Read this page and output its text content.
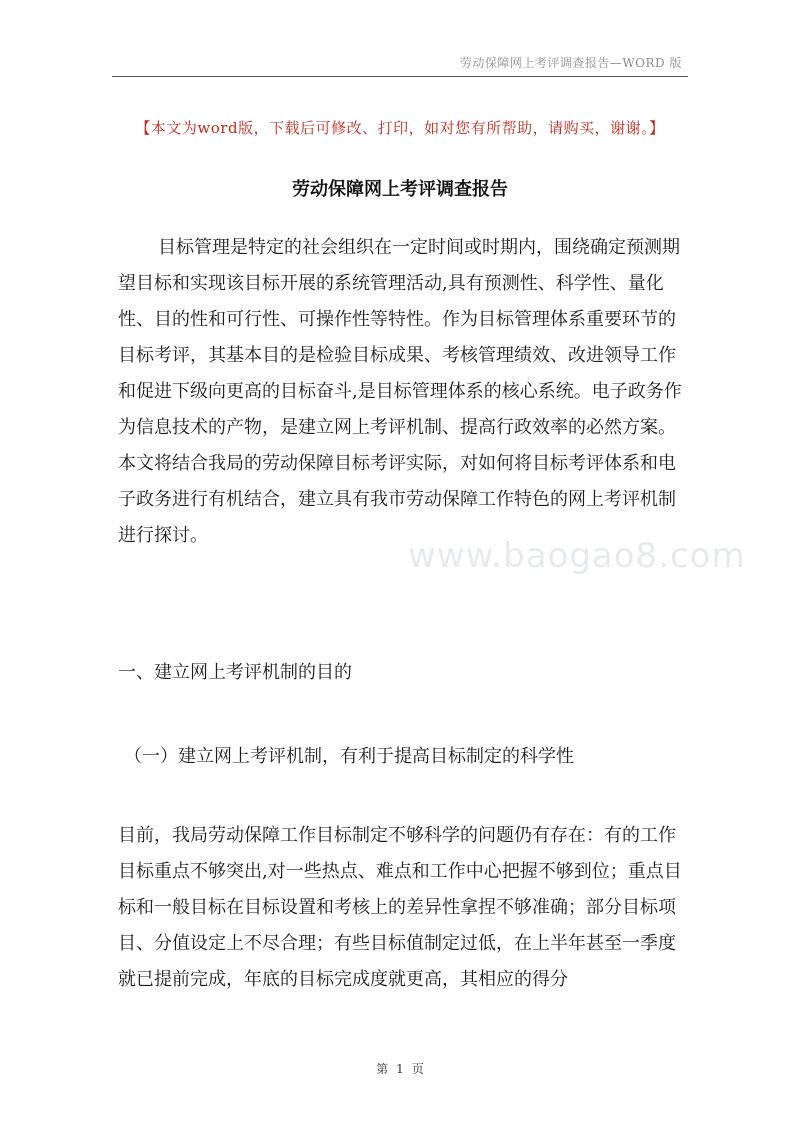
劳动保障网上考评调查报告—WORD 版
【本文为word版，下载后可修改、打印，如对您有所帮助，请购买，谢谢。】
劳动保障网上考评调查报告

目标管理是特定的社会组织在一定时间或时期内，围绕确定预测期望目标和实现该目标开展的系统管理活动,具有预测性、科学性、量化性、目的性和可行性、可操作性等特性。作为目标管理体系重要环节的目标考评，其基本目的是检验目标成果、考核管理绩效、改进领导工作和促进下级向更高的目标奋斗,是目标管理体系的核心系统。电子政务作为信息技术的产物，是建立网上考评机制、提高行政效率的必然方案。本文将结合我局的劳动保障目标考评实际，对如何将目标考评体系和电子政务进行有机结合，建立具有我市劳动保障工作特色的网上考评机制进行探讨。

www.baogao8.com

一、建立网上考评机制的目的

（一）建立网上考评机制，有利于提高目标制定的科学性

目前，我局劳动保障工作目标制定不够科学的问题仍有存在：有的工作目标重点不够突出,对一些热点、难点和工作中心把握不够到位；重点目标和一般目标在目标设置和考核上的差异性拿捏不够准确；部分目标项目、分值设定上不尽合理；有些目标值制定过低，在上半年甚至一季度就已提前完成，年底的目标完成度就更高，其相应的得分

第 1 页
